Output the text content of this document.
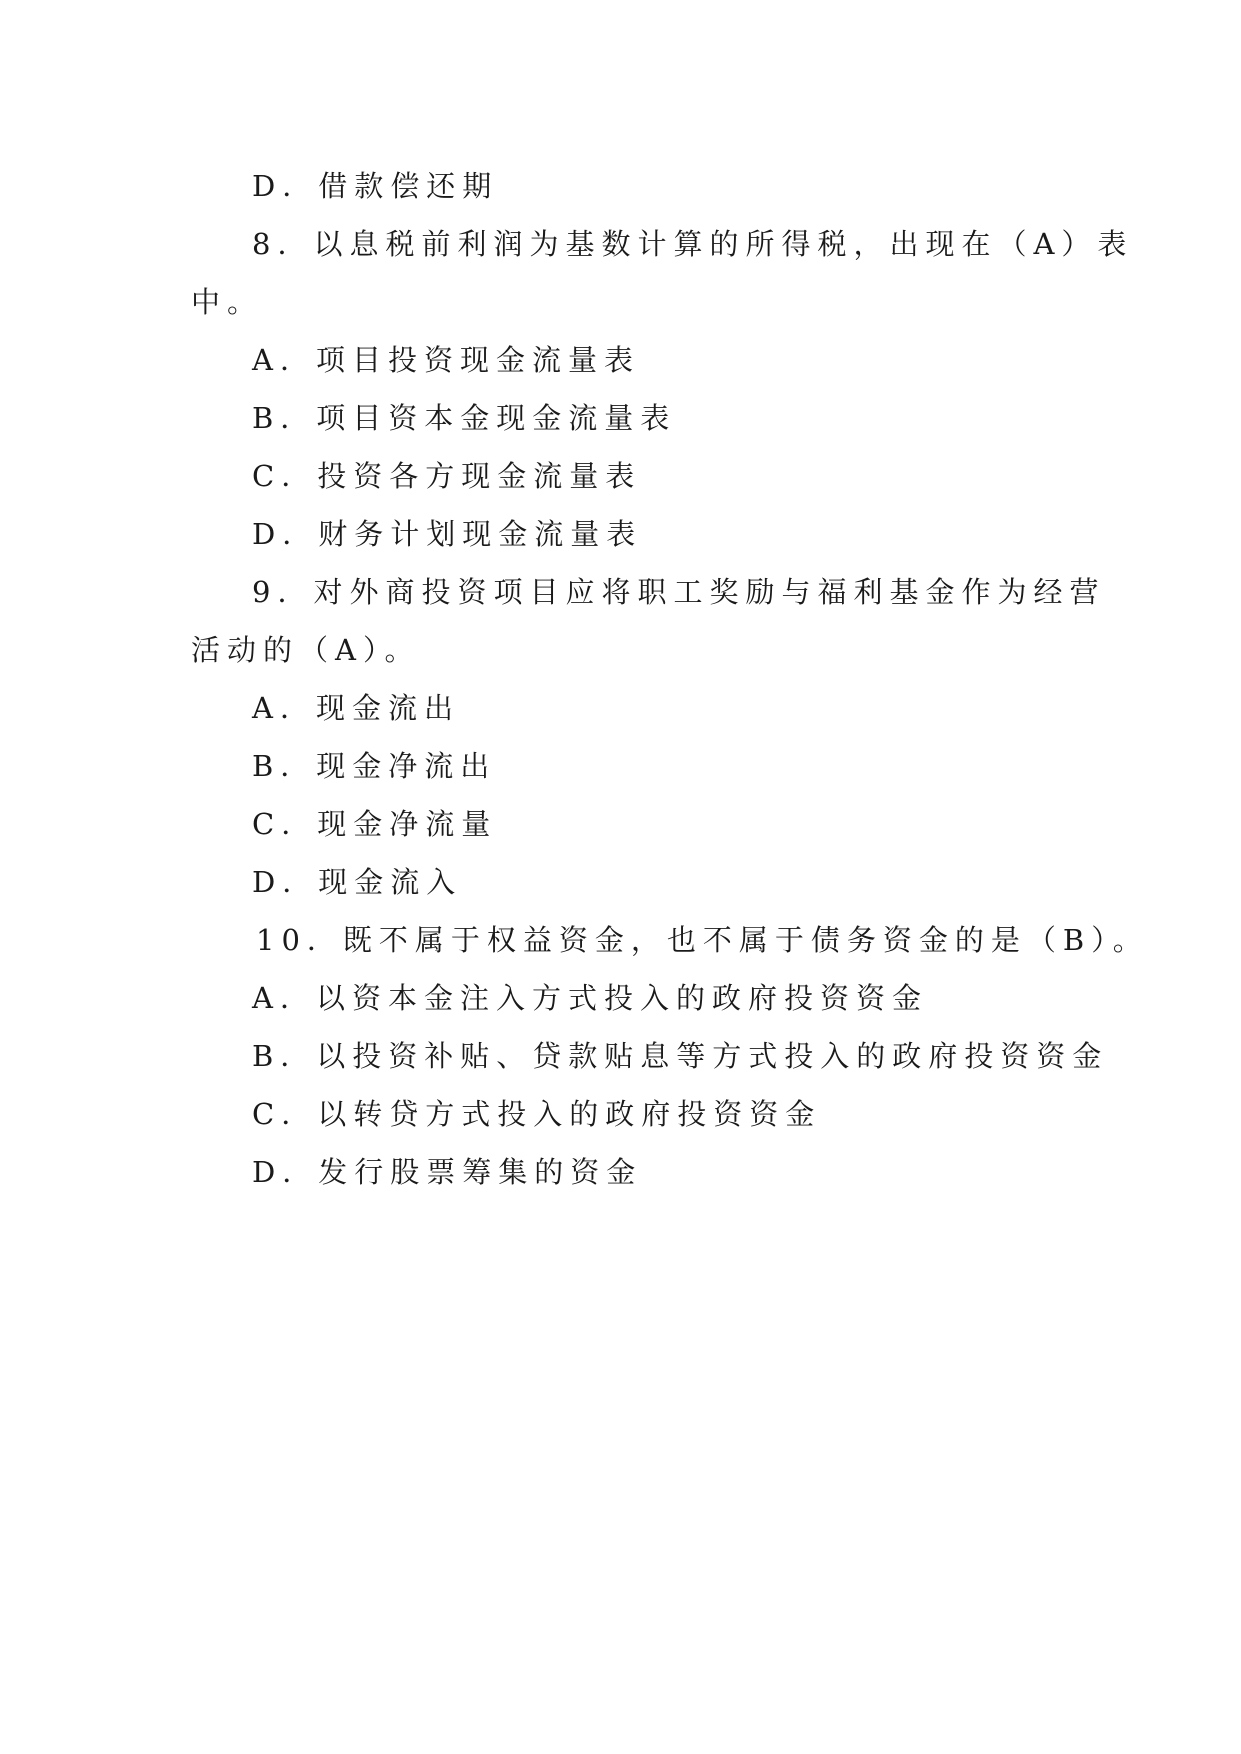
D．借款偿还期
8．以息税前利润为基数计算的所得税，出现在（A）表
中。
A．项目投资现金流量表
B．项目资本金现金流量表
C．投资各方现金流量表
D．财务计划现金流量表
9．对外商投资项目应将职工奖励与福利基金作为经营
活动的（A）。
A．现金流出
B．现金净流出
C．现金净流量
D．现金流入
10．既不属于权益资金，也不属于债务资金的是（B）。
A．以资本金注入方式投入的政府投资资金
B．以投资补贴、贷款贴息等方式投入的政府投资资金
C．以转贷方式投入的政府投资资金
D．发行股票筹集的资金
